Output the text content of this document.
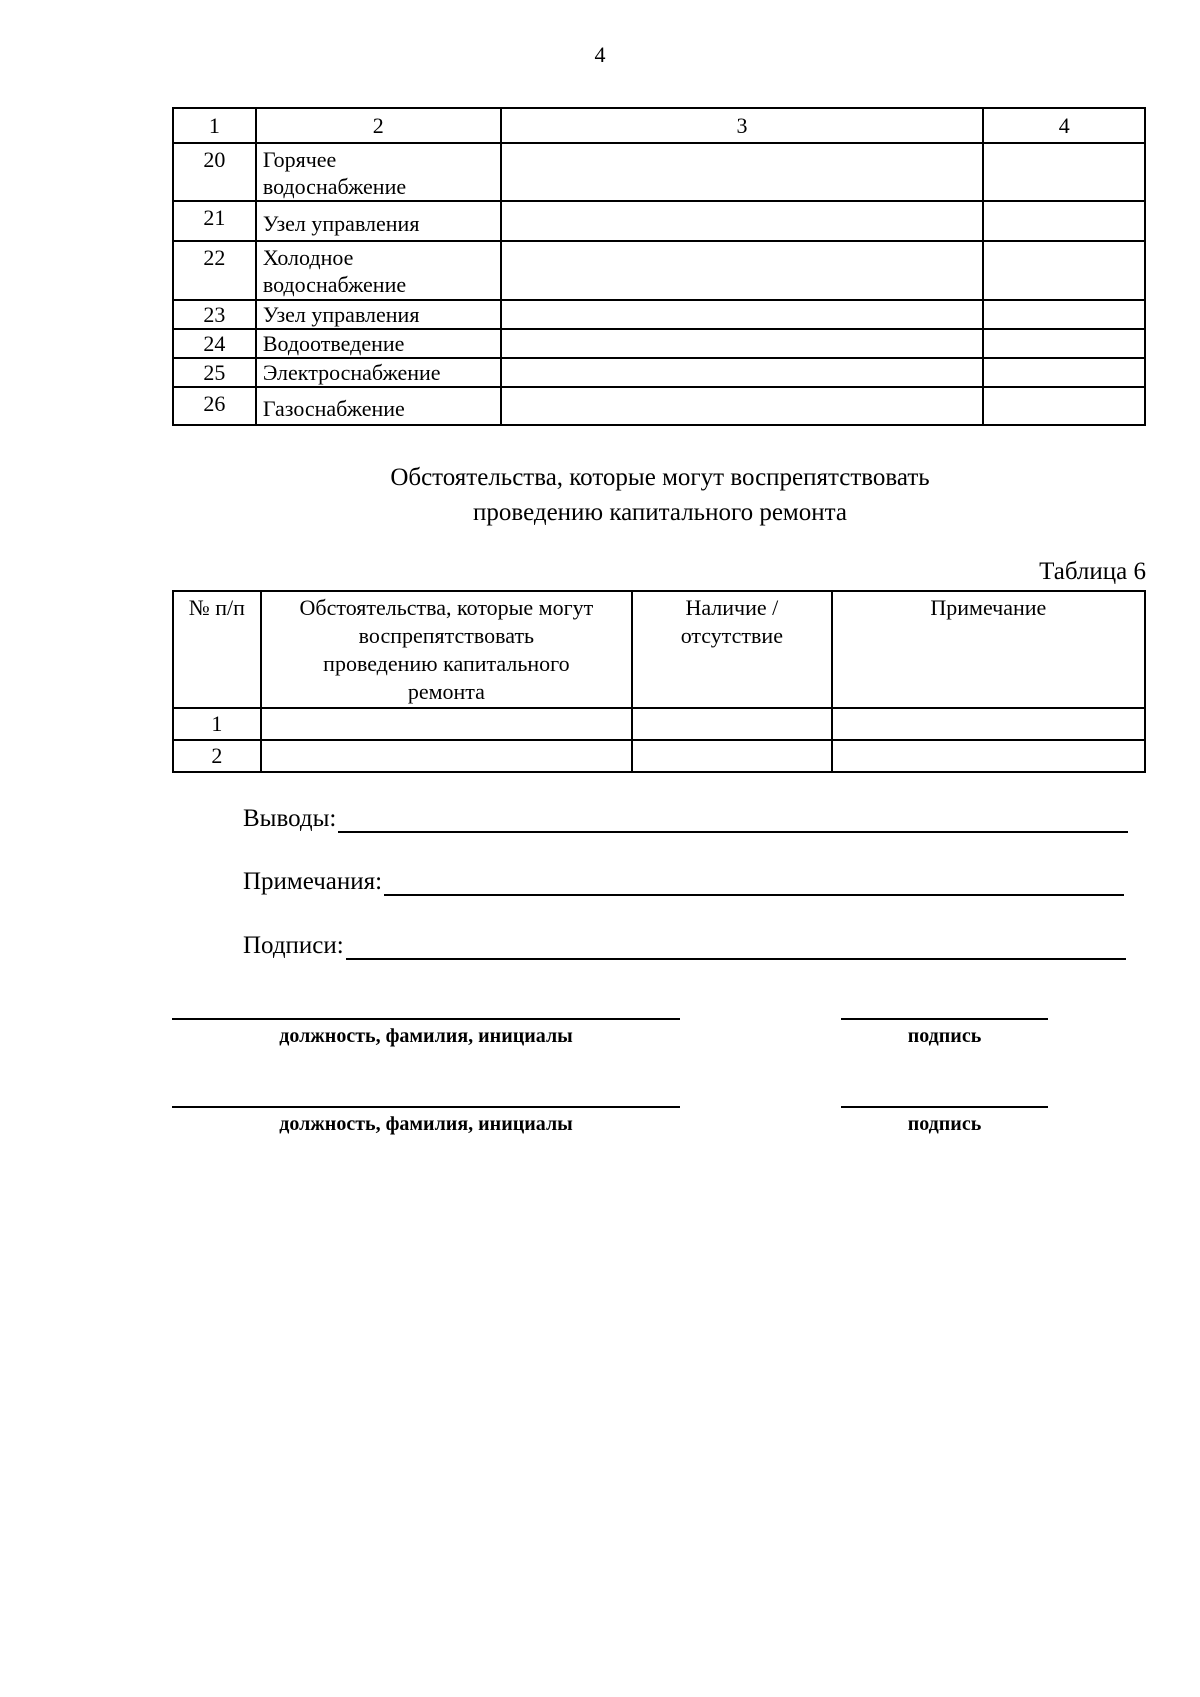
4
1	2	3	4
20	Горячее
водоснабжение		
21	Узел управления		
22	Холодное
водоснабжение		
23	Узел управления		
24	Водоотведение		
25	Электроснабжение		
26	Газоснабжение		
Обстоятельства, которые могут воспрепятствовать
проведению капитального ремонта
Таблица 6
№ п/п	Обстоятельства, которые могут
воспрепятствовать
проведению капитального
ремонта	Наличие /
отсутствие	Примечание
1			
2			
Выводы:
Примечания:
Подписи:
должность, фамилия, инициалы	подпись
должность, фамилия, инициалы	подпись
